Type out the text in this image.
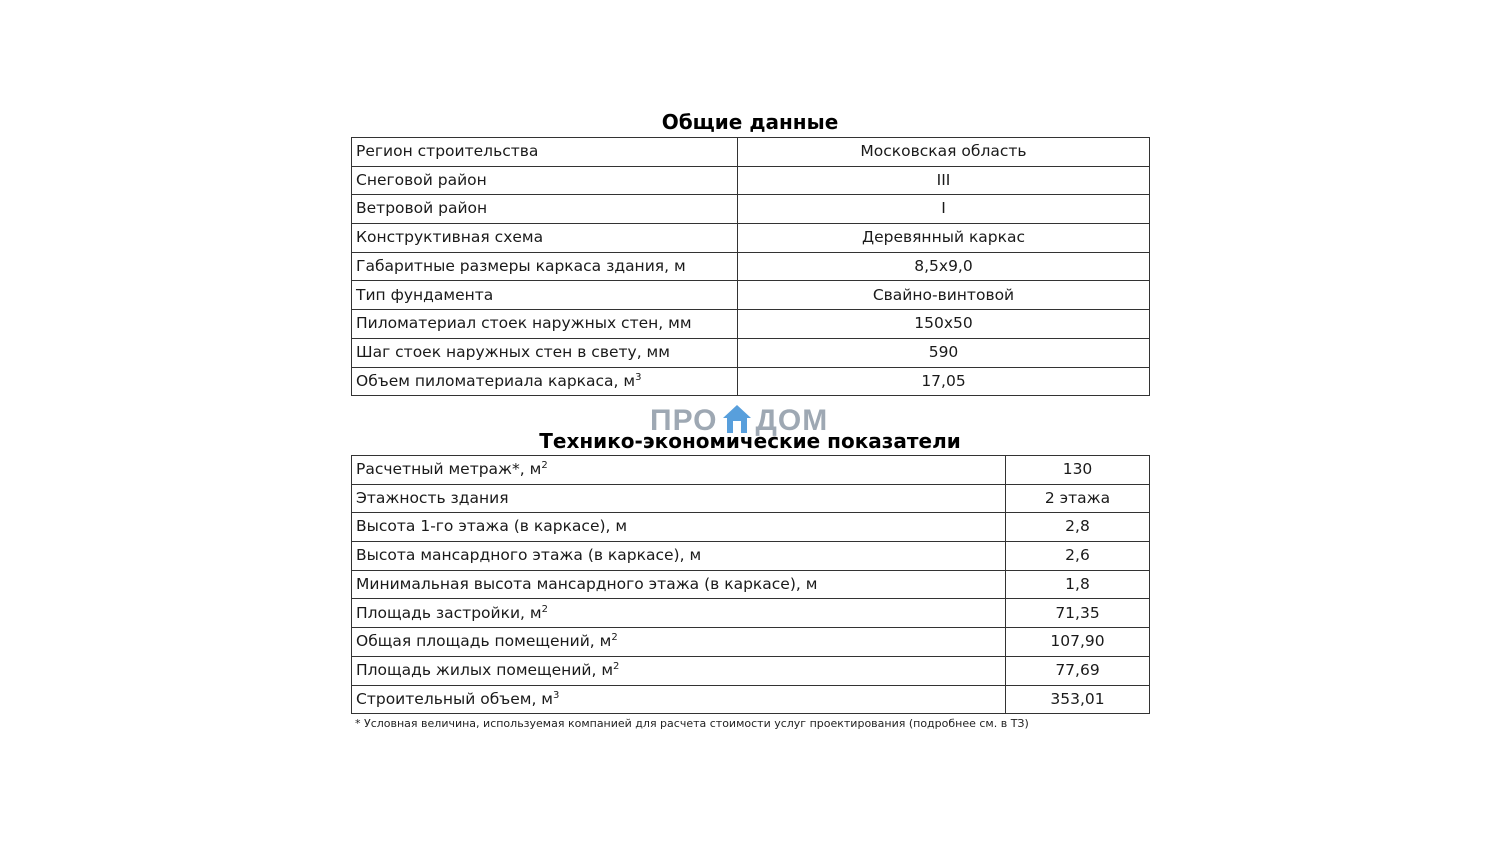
Общие данные
Регион строительства	Московская область
Снеговой район	III
Ветровой район	I
Конструктивная схема	Деревянный каркас
Габаритные размеры каркаса здания, м	8,5х9,0
Тип фундамента	Свайно-винтовой
Пиломатериал стоек наружных стен, мм	150х50
Шаг стоек наружных стен в свету, мм	590
Объем пиломатериала каркаса, $м^3$	17,05
ПРО ДОМ
Технико-экономические показатели
Расчетный метраж*, $м^2$	130
Этажность здания	2 этажа
Высота 1-го этажа (в каркасе), м	2,8
Высота мансардного этажа (в каркасе), м	2,6
Минимальная высота мансардного этажа (в каркасе), м	1,8
Площадь застройки, $м^2$	71,35
Общая площадь помещений, $м^2$	107,90
Площадь жилых помещений, $м^2$	77,69
Строительный объем, $м^3$	353,01

* Условная величина, используемая компанией для расчета стоимости услуг проектирования (подробнее см. в ТЗ)
